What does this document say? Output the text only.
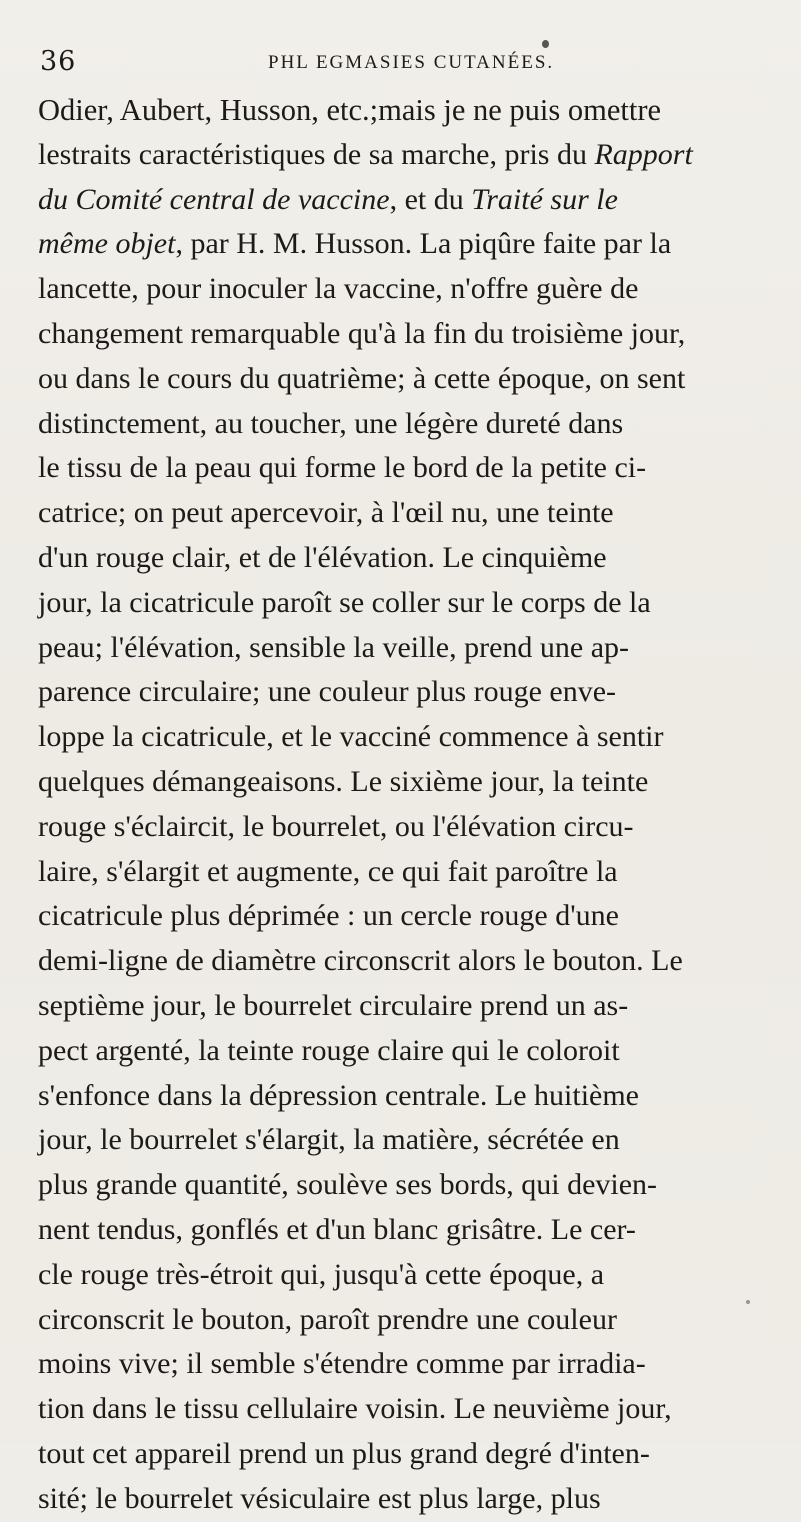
36	PHL EGMASIES CUTANÉES.
Odier, Aubert, Husson, etc.;mais je ne puis omettre
lestraits caractéristiques de sa marche, pris du Rapport
du Comité central de vaccine, et du Traité sur le
même objet, par H. M. Husson. La piqûre faite par la
lancette, pour inoculer la vaccine, n'offre guère de
changement remarquable qu'à la fin du troisième jour,
ou dans le cours du quatrième; à cette époque, on sent
distinctement, au toucher, une légère dureté dans
le tissu de la peau qui forme le bord de la petite ci-
catrice; on peut apercevoir, à l'œil nu, une teinte
d'un rouge clair, et de l'élévation. Le cinquième
jour, la cicatricule paroît se coller sur le corps de la
peau; l'élévation, sensible la veille, prend une ap-
parence circulaire; une couleur plus rouge enve-
loppe la cicatricule, et le vacciné commence à sentir
quelques démangeaisons. Le sixième jour, la teinte
rouge s'éclaircit, le bourrelet, ou l'élévation circu-
laire, s'élargit et augmente, ce qui fait paroître la
cicatricule plus déprimée : un cercle rouge d'une
demi-ligne de diamètre circonscrit alors le bouton. Le
septième jour, le bourrelet circulaire prend un as-
pect argenté, la teinte rouge claire qui le coloroit
s'enfonce dans la dépression centrale. Le huitième
jour, le bourrelet s'élargit, la matière, sécrétée en
plus grande quantité, soulève ses bords, qui devien-
nent tendus, gonflés et d'un blanc grisâtre. Le cer-
cle rouge très-étroit qui, jusqu'à cette époque, a
circonscrit le bouton, paroît prendre une couleur
moins vive; il semble s'étendre comme par irradia-
tion dans le tissu cellulaire voisin. Le neuvième jour,
tout cet appareil prend un plus grand degré d'inten-
sité; le bourrelet vésiculaire est plus large, plus
